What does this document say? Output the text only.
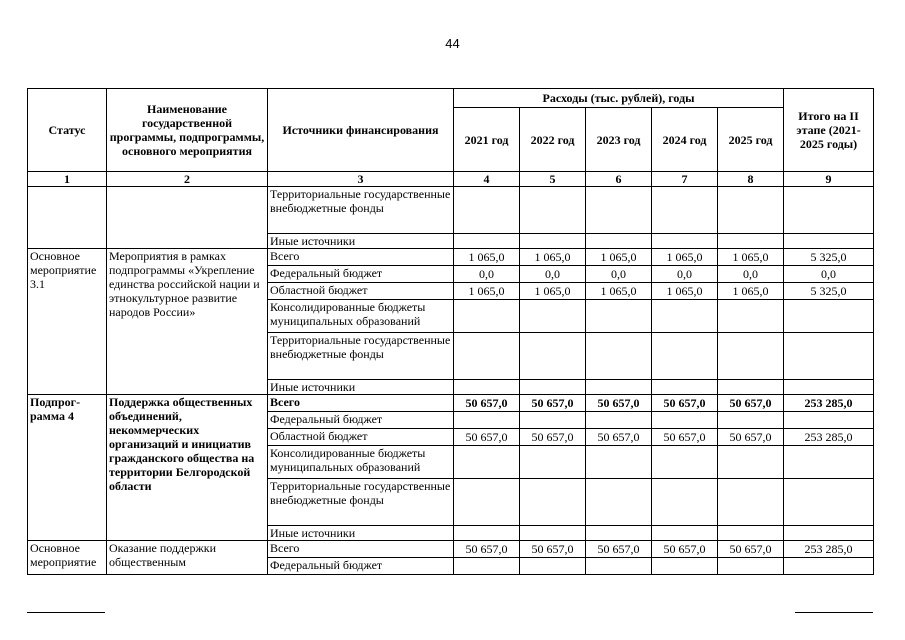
44
Статус	Наименование государственной программы, подпрограммы, основного мероприятия	Источники финансирования	Расходы (тыс. рублей), годы					Итого на II этапе (2021-2025 годы)
			2021 год	2022 год	2023 год	2024 год	2025 год	
1	2	3	4	5	6	7	8	9
		Территориальные государственные внебюджетные фонды						
		Иные источники						
Основное мероприятие 3.1	Мероприятия в рамках подпрограммы «Укрепление единства российской нации и этнокультурное развитие народов России»	Всего	1 065,0	1 065,0	1 065,0	1 065,0	1 065,0	5 325,0
		Федеральный бюджет	0,0	0,0	0,0	0,0	0,0	0,0
		Областной бюджет	1 065,0	1 065,0	1 065,0	1 065,0	1 065,0	5 325,0
		Консолидированные бюджеты муниципальных образований						
		Территориальные государственные внебюджетные фонды						
		Иные источники						
Подпрог-рамма 4	Поддержка общественных объединений, некоммерческих организаций и инициатив гражданского общества на территории Белгородской области	Всего	50 657,0	50 657,0	50 657,0	50 657,0	50 657,0	253 285,0
		Федеральный бюджет						
		Областной бюджет	50 657,0	50 657,0	50 657,0	50 657,0	50 657,0	253 285,0
		Консолидированные бюджеты муниципальных образований						
		Территориальные государственные внебюджетные фонды						
		Иные источники						
Основное мероприятие	Оказание поддержки общественным	Всего	50 657,0	50 657,0	50 657,0	50 657,0	50 657,0	253 285,0
		Федеральный бюджет						
